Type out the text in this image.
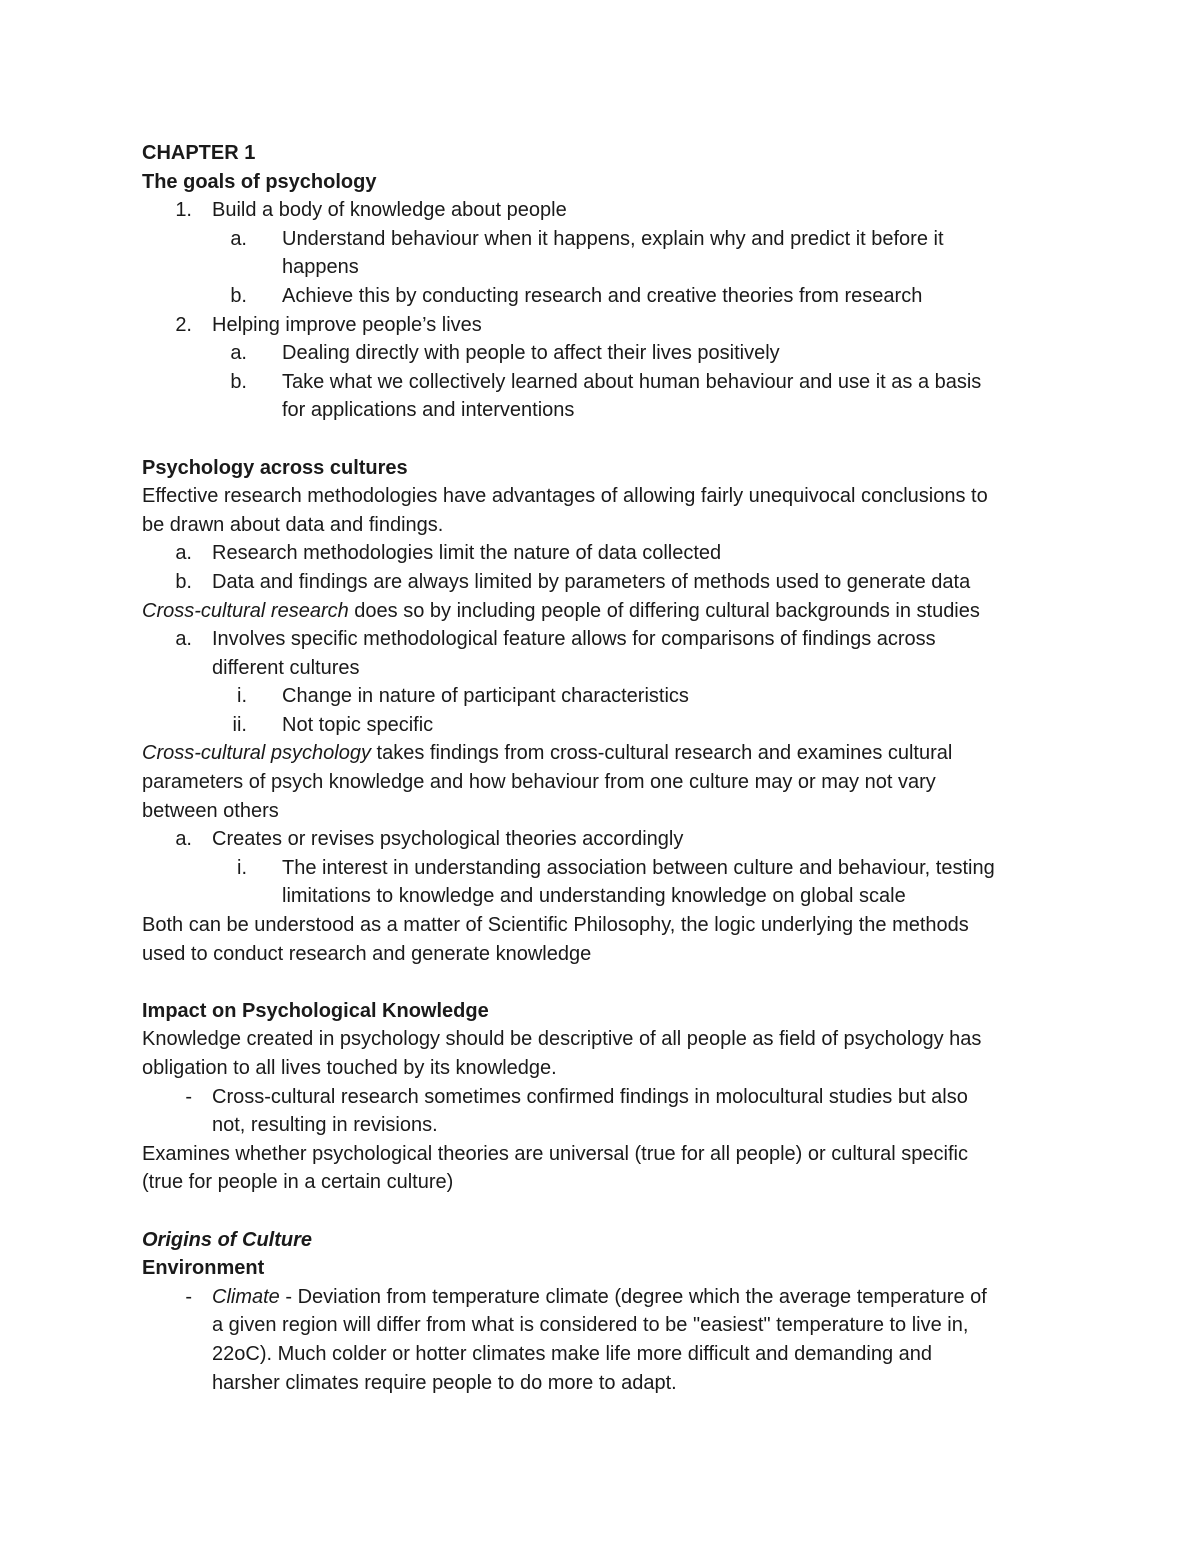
CHAPTER 1
The goals of psychology
1. Build a body of knowledge about people
a. Understand behaviour when it happens, explain why and predict it before it
happens
b. Achieve this by conducting research and creative theories from research
2. Helping improve people’s lives
a. Dealing directly with people to affect their lives positively
b. Take what we collectively learned about human behaviour and use it as a basis
for applications and interventions
Psychology across cultures
Effective research methodologies have advantages of allowing fairly unequivocal conclusions to
be drawn about data and findings.
a. Research methodologies limit the nature of data collected
b. Data and findings are always limited by parameters of methods used to generate data
Cross-cultural research does so by including people of differing cultural backgrounds in studies
a. Involves specific methodological feature allows for comparisons of findings across
different cultures
i. Change in nature of participant characteristics
ii. Not topic specific
Cross-cultural psychology takes findings from cross-cultural research and examines cultural
parameters of psych knowledge and how behaviour from one culture may or may not vary
between others
a. Creates or revises psychological theories accordingly
i. The interest in understanding association between culture and behaviour, testing
limitations to knowledge and understanding knowledge on global scale
Both can be understood as a matter of Scientific Philosophy, the logic underlying the methods
used to conduct research and generate knowledge
Impact on Psychological Knowledge
Knowledge created in psychology should be descriptive of all people as field of psychology has
obligation to all lives touched by its knowledge.
- Cross-cultural research sometimes confirmed findings in molocultural studies but also
not, resulting in revisions.
Examines whether psychological theories are universal (true for all people) or cultural specific
(true for people in a certain culture)
Origins of Culture
Environment
- Climate - Deviation from temperature climate (degree which the average temperature of
a given region will differ from what is considered to be "easiest" temperature to live in,
22oC). Much colder or hotter climates make life more difficult and demanding and
harsher climates require people to do more to adapt.
